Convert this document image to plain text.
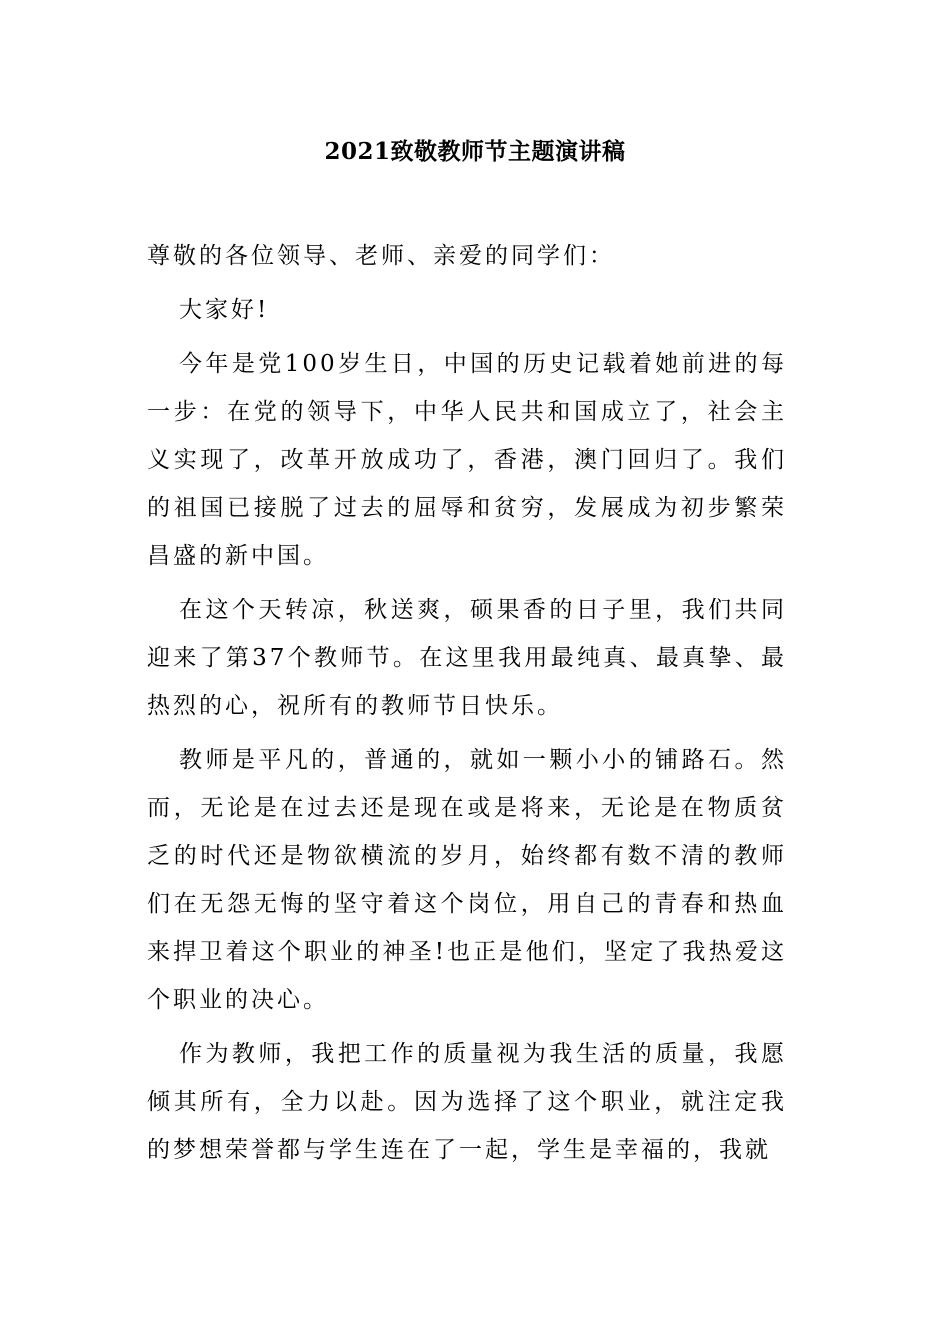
2021致敬教师节主题演讲稿

尊敬的各位领导、老师、亲爱的同学们：

大家好!

今年是党100岁生日，中国的历史记载着她前进的每一步：在党的领导下，中华人民共和国成立了，社会主义实现了，改革开放成功了，香港，澳门回归了。我们的祖国已接脱了过去的屈辱和贫穷，发展成为初步繁荣昌盛的新中国。

在这个天转凉，秋送爽，硕果香的日子里，我们共同迎来了第37个教师节。在这里我用最纯真、最真挚、最热烈的心，祝所有的教师节日快乐。

教师是平凡的，普通的，就如一颗小小的铺路石。然而，无论是在过去还是现在或是将来，无论是在物质贫乏的时代还是物欲横流的岁月，始终都有数不清的教师们在无怨无悔的坚守着这个岗位，用自己的青春和热血来捍卫着这个职业的神圣!也正是他们，坚定了我热爱这个职业的决心。

作为教师，我把工作的质量视为我生活的质量，我愿倾其所有，全力以赴。因为选择了这个职业，就注定我的梦想荣誉都与学生连在了一起，学生是幸福的，我就
